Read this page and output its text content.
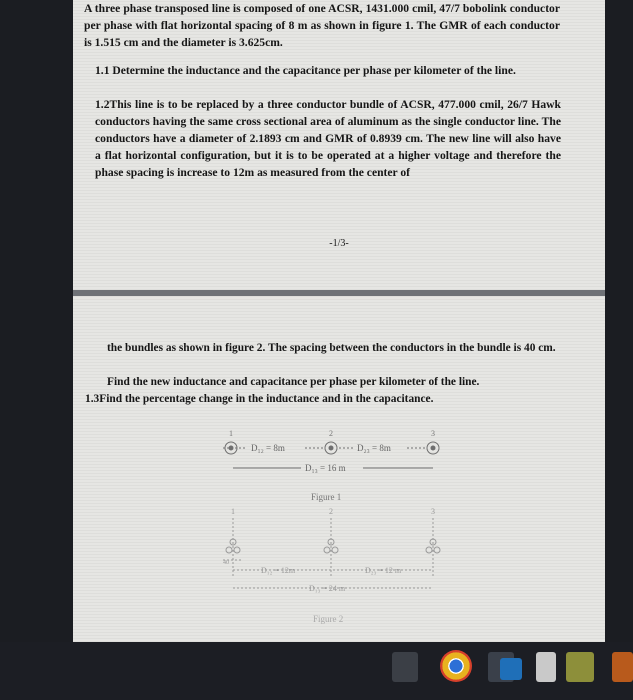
A three phase transposed line is composed of one ACSR, 1431.000 cmil, 47/7 bobolink conductor per phase with flat horizontal spacing of 8 m as shown in figure 1. The GMR of each conductor is 1.515 cm and the diameter is 3.625cm.

1.1 Determine the inductance and the capacitance per phase per kilometer of the line.

1.2This line is to be replaced by a three conductor bundle of ACSR, 477.000 cmil, 26/7 Hawk conductors having the same cross sectional area of aluminum as the single conductor line. The conductors have a diameter of 2.1893 cm and GMR of 0.8939 cm. The new line will also have a flat horizontal configuration, but it is to be operated at a higher voltage and therefore the phase spacing is increase to 12m as measured from the center of

-1/3-

the bundles as shown in figure 2. The spacing between the conductors in the bundle is 40 cm.

Find the new inductance and capacitance per phase per kilometer of the line.

1.3Find the percentage change in the inductance and in the capacitance.

1	2	3
D₁₂ = 8m	D₂₃ = 8m
D₁₃ = 16 m
Figure 1
1	2	3
40
D₁₂ = 12m	D₂₃ = 12 m
D₁₃ = 24 m
Figure 2
